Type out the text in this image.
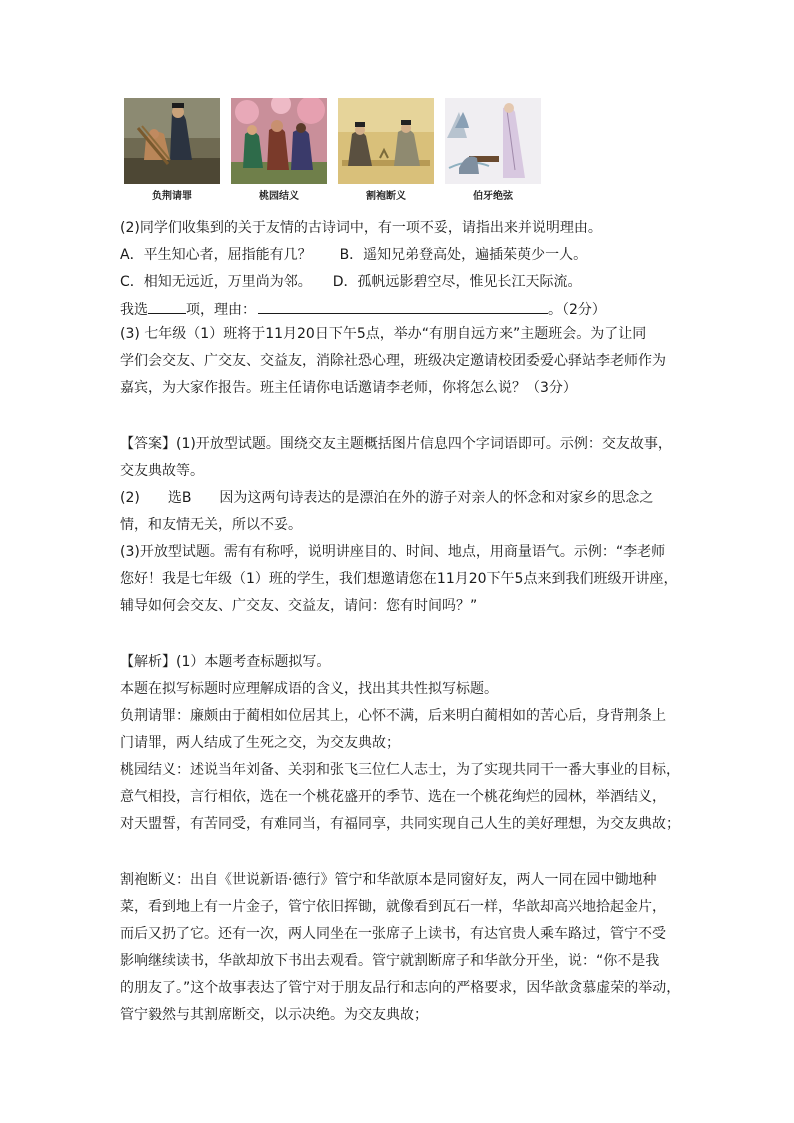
负荆请罪	桃园结义	割袍断义	伯牙绝弦
(2)同学们收集到的关于友情的古诗词中，有一项不妥，请指出来并说明理由。
A．平生知心者，屈指能有几？　　B．遥知兄弟登高处，遍插茱萸少一人。
C．相知无远近，万里尚为邻。　　D．孤帆远影碧空尽，惟见长江天际流。
我选	项，理由：	。（2分）
(3) 七年级（1）班将于11月20日下午5点，举办“有朋自远方来”主题班会。为了让同
学们会交友、广交友、交益友，消除社恐心理，班级决定邀请校团委爱心驿站李老师作为
嘉宾，为大家作报告。班主任请你电话邀请李老师，你将怎么说？（3分）
【答案】(1)开放型试题。围绕交友主题概括图片信息四个字词语即可。示例：交友故事，
交友典故等。
(2)　　选B　　因为这两句诗表达的是漂泊在外的游子对亲人的怀念和对家乡的思念之
情，和友情无关，所以不妥。
(3)开放型试题。需有有称呼，说明讲座目的、时间、地点，用商量语气。示例：“李老师
您好！我是七年级（1）班的学生，我们想邀请您在11月20下午5点来到我们班级开讲座，
辅导如何会交友、广交友、交益友，请问：您有时间吗？”
【解析】(1）本题考查标题拟写。
本题在拟写标题时应理解成语的含义，找出其共性拟写标题。
负荆请罪：廉颇由于蔺相如位居其上，心怀不满，后来明白蔺相如的苦心后，身背荆条上
门请罪，两人结成了生死之交，为交友典故；
桃园结义：述说当年刘备、关羽和张飞三位仁人志士，为了实现共同干一番大事业的目标，
意气相投，言行相依，选在一个桃花盛开的季节、选在一个桃花绚烂的园林，举酒结义，
对天盟誓，有苦同受，有难同当，有福同享，共同实现自己人生的美好理想，为交友典故；
割袍断义：出自《世说新语·德行》管宁和华歆原本是同窗好友，两人一同在园中锄地种
菜，看到地上有一片金子，管宁依旧挥锄，就像看到瓦石一样，华歆却高兴地拾起金片，
而后又扔了它。还有一次，两人同坐在一张席子上读书，有达官贵人乘车路过，管宁不受
影响继续读书，华歆却放下书出去观看。管宁就割断席子和华歆分开坐，说：“你不是我
的朋友了。”这个故事表达了管宁对于朋友品行和志向的严格要求，因华歆贪慕虚荣的举动，
管宁毅然与其割席断交，以示决绝。为交友典故；
